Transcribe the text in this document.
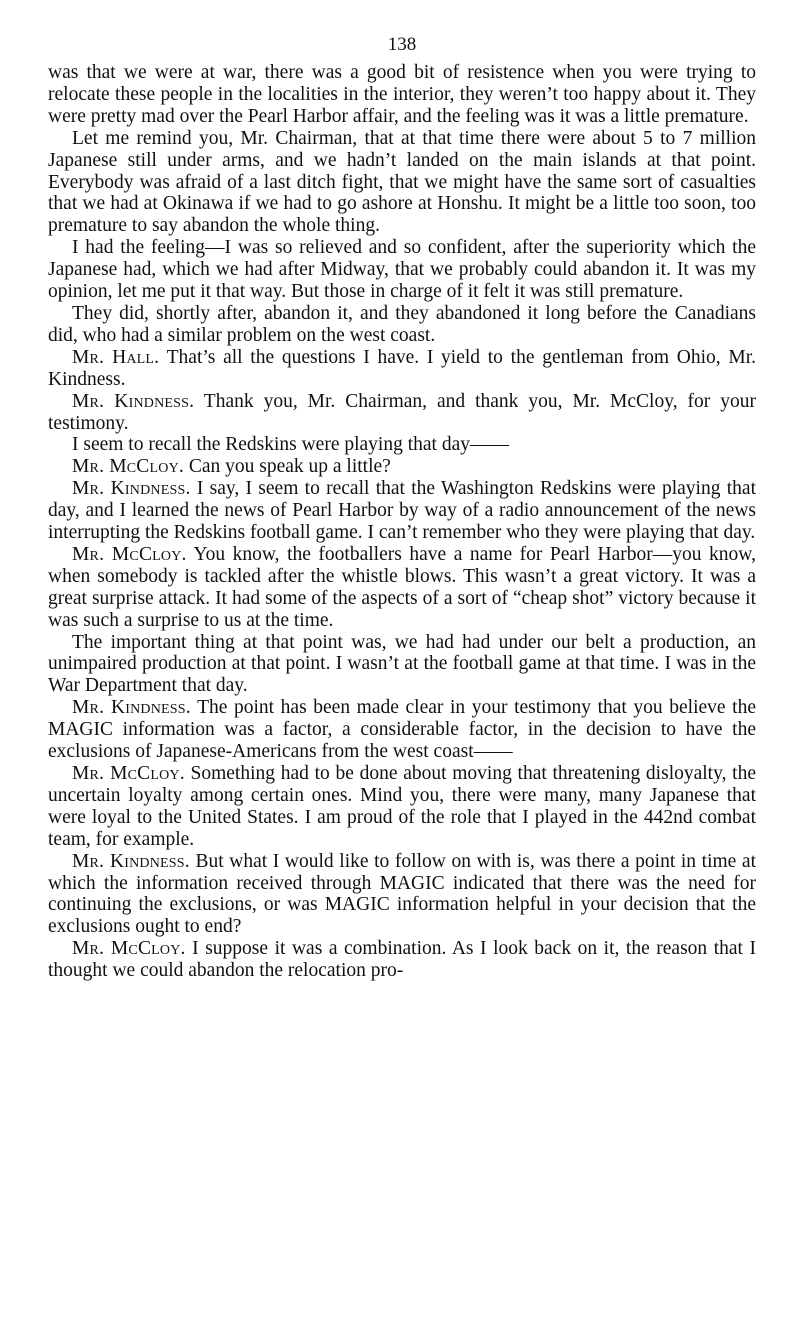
138

was that we were at war, there was a good bit of resistence when you were trying to relocate these people in the localities in the interior, they weren’t too happy about it. They were pretty mad over the Pearl Harbor affair, and the feeling was it was a little premature.

Let me remind you, Mr. Chairman, that at that time there were about 5 to 7 million Japanese still under arms, and we hadn’t landed on the main islands at that point. Everybody was afraid of a last ditch fight, that we might have the same sort of casualties that we had at Okinawa if we had to go ashore at Honshu. It might be a little too soon, too premature to say abandon the whole thing.

I had the feeling—I was so relieved and so confident, after the superiority which the Japanese had, which we had after Midway, that we probably could abandon it. It was my opinion, let me put it that way. But those in charge of it felt it was still premature.

They did, shortly after, abandon it, and they abandoned it long before the Canadians did, who had a similar problem on the west coast.

Mr. Hall. That’s all the questions I have. I yield to the gentleman from Ohio, Mr. Kindness.

Mr. Kindness. Thank you, Mr. Chairman, and thank you, Mr. McCloy, for your testimony.

I seem to recall the Redskins were playing that day——

Mr. McCloy. Can you speak up a little?

Mr. Kindness. I say, I seem to recall that the Washington Redskins were playing that day, and I learned the news of Pearl Harbor by way of a radio announcement of the news interrupting the Redskins football game. I can’t remember who they were playing that day.

Mr. McCloy. You know, the footballers have a name for Pearl Harbor—you know, when somebody is tackled after the whistle blows. This wasn’t a great victory. It was a great surprise attack. It had some of the aspects of a sort of “cheap shot” victory because it was such a surprise to us at the time.

The important thing at that point was, we had had under our belt a production, an unimpaired production at that point. I wasn’t at the football game at that time. I was in the War Department that day.

Mr. Kindness. The point has been made clear in your testimony that you believe the MAGIC information was a factor, a considerable factor, in the decision to have the exclusions of Japanese-Americans from the west coast——

Mr. McCloy. Something had to be done about moving that threatening disloyalty, the uncertain loyalty among certain ones. Mind you, there were many, many Japanese that were loyal to the United States. I am proud of the role that I played in the 442nd combat team, for example.

Mr. Kindness. But what I would like to follow on with is, was there a point in time at which the information received through MAGIC indicated that there was the need for continuing the exclusions, or was MAGIC information helpful in your decision that the exclusions ought to end?

Mr. McCloy. I suppose it was a combination. As I look back on it, the reason that I thought we could abandon the relocation pro-
